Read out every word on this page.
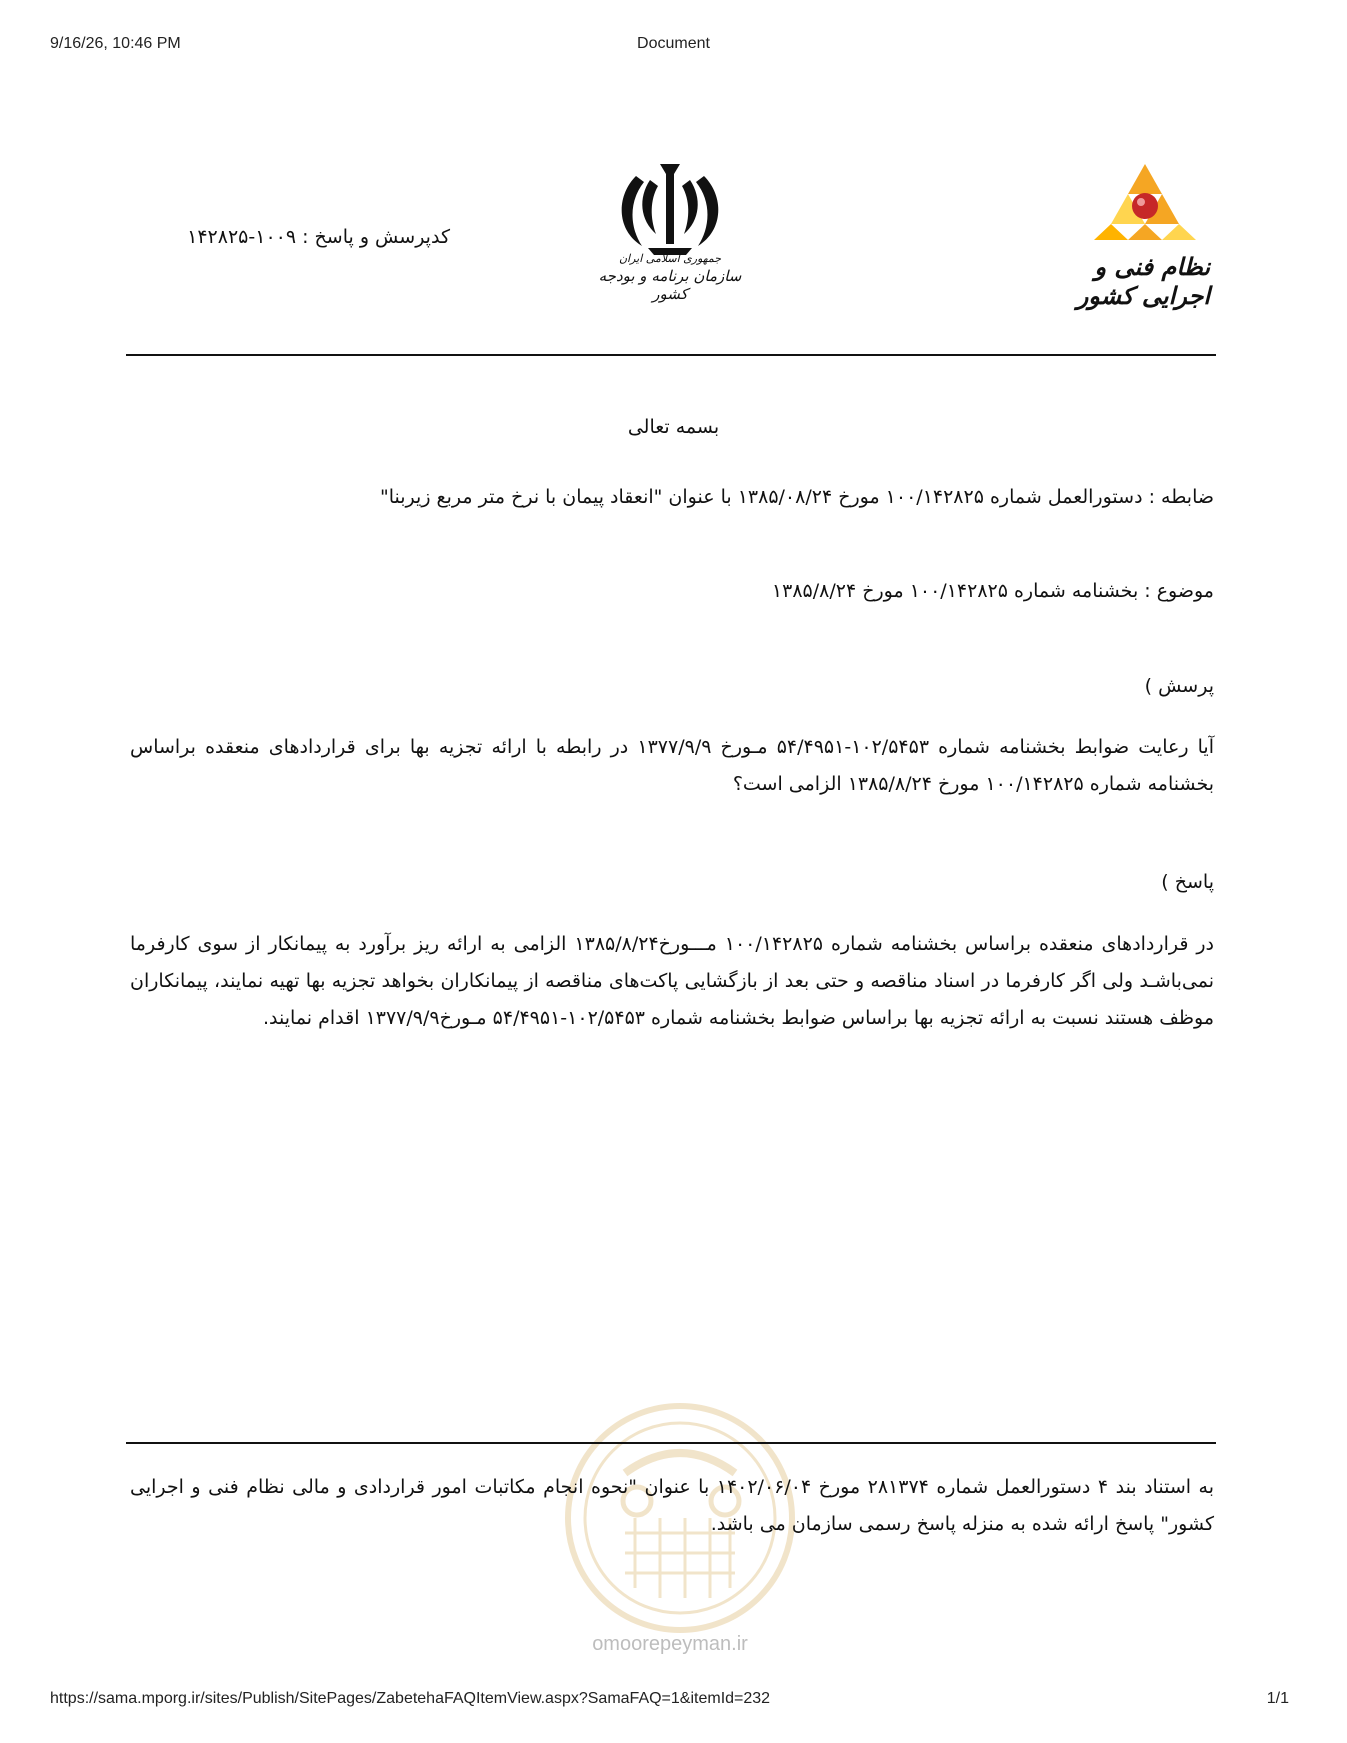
9/16/26, 10:46 PM	Document
کدپرسش و پاسخ : ۱۰۰۹-۱۴۲۸۲۵
جمهوری اسلامی ایران
سازمان برنامه و بودجه کشور
نظام فنی و اجرایی کشور
بسمه تعالی
ضابطه : دستورالعمل شماره ۱۰۰/۱۴۲۸۲۵ مورخ ۱۳۸۵/۰۸/۲۴ با عنوان "انعقاد پیمان با نرخ متر مربع زیربنا"
موضوع : بخشنامه شماره ۱۰۰/۱۴۲۸۲۵ مورخ ۱۳۸۵/۸/۲۴
پرسش )
آیا رعایت ضوابط بخشنامه شماره ۱۰۲/۵۴۵۳-۵۴/۴۹۵۱ مـورخ ۱۳۷۷/۹/۹ در رابطه با ارائه تجزیه بها برای قراردادهای منعقده براساس بخشنامه شماره ۱۰۰/۱۴۲۸۲۵ مورخ ۱۳۸۵/۸/۲۴ الزامی است؟
پاسخ )
در قراردادهای منعقده براساس بخشنامه شماره ۱۰۰/۱۴۲۸۲۵ مـــورخ۱۳۸۵/۸/۲۴ الزامی به ارائه ریز برآورد به پیمانکار از سوی کارفرما نمی‌باشـد ولی اگر کارفرما در اسناد مناقصه و حتی بعد از بازگشایی پاکت‌های مناقصه از پیمانکاران بخواهد تجزیه بها تهیه نمایند، پیمانکاران موظف هستند نسبت به ارائه تجزیه بها براساس ضوابط بخشنامه شماره ۱۰۲/۵۴۵۳-۵۴/۴۹۵۱ مـورخ۱۳۷۷/۹/۹ اقدام نمایند.
به استناد بند ۴ دستورالعمل شماره ۲۸۱۳۷۴ مورخ ۱۴۰۲/۰۶/۰۴ با عنوان "نحوه انجام مکاتبات امور قراردادی و مالی نظام فنی و اجرایی کشور" پاسخ ارائه شده به منزله پاسخ رسمی سازمان می باشد.
omoorepeyman.ir
https://sama.mporg.ir/sites/Publish/SitePages/ZabetehaFAQItemView.aspx?SamaFAQ=1&itemId=232	1/1
